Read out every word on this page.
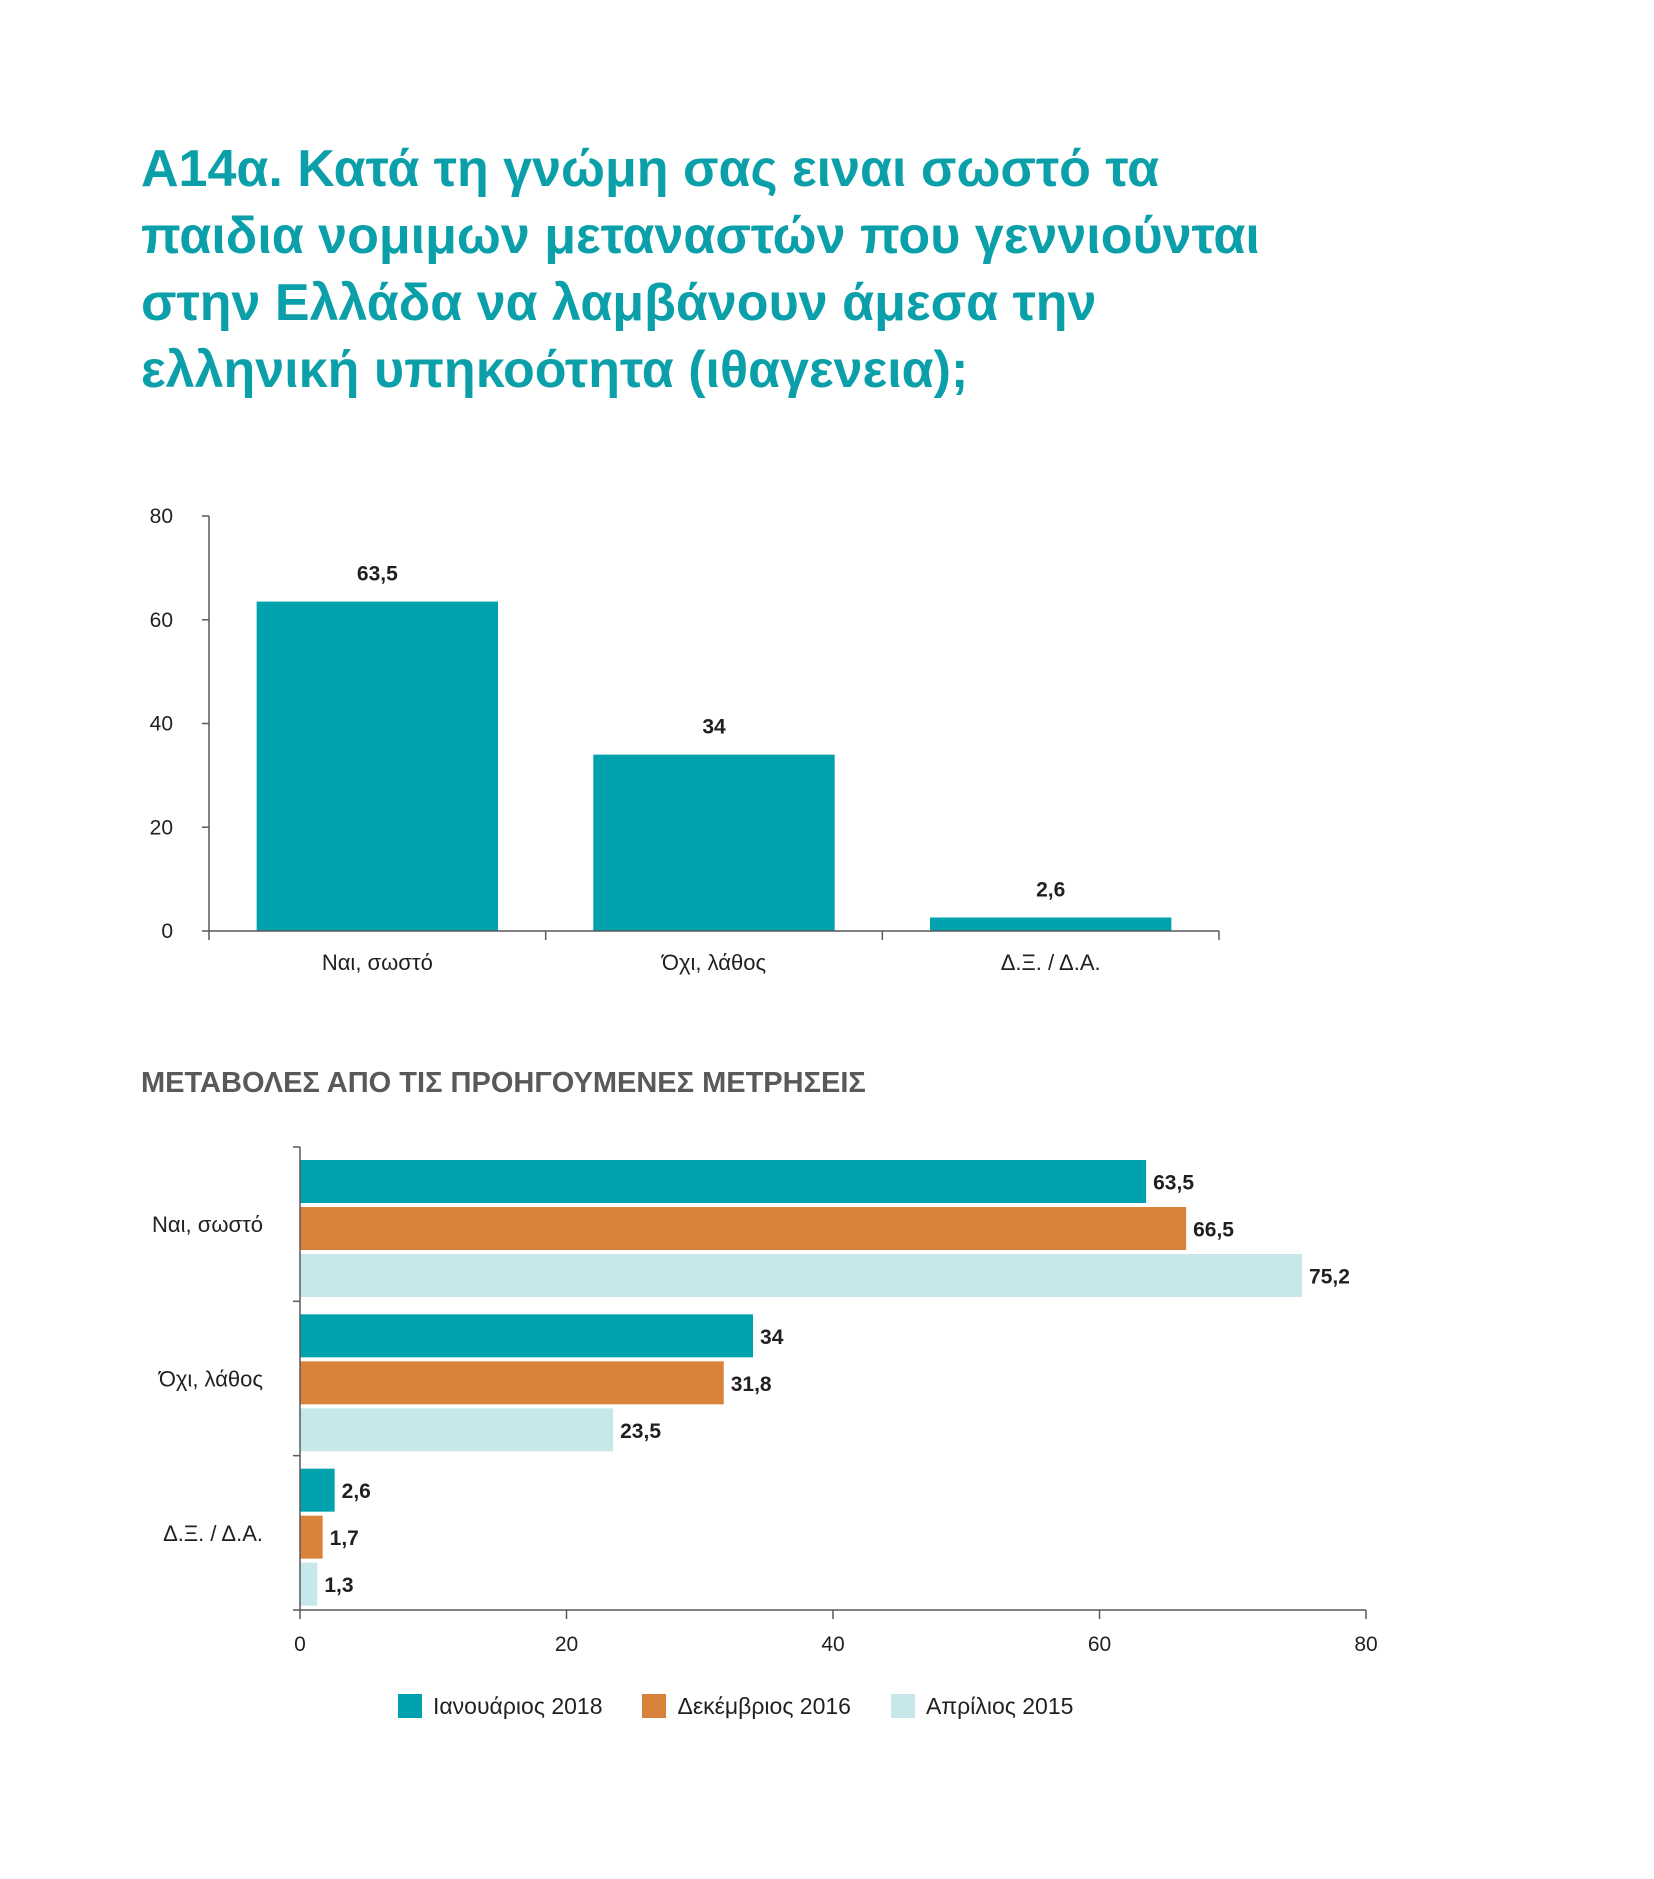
Α14α. Κατά τη γνώμη σας ειναι σωστό τα
παιδια νομιμων μεταναστών που γεννιούνται
στην Ελλάδα να λαμβάνουν άμεσα την
ελληνική υπηκοότητα (ιθαγενεια);
63,5
Ναι, σωστό
34
Όχι, λάθος
2,6
Δ.Ξ. / Δ.Α.
0
20
40
60
80
ΜΕΤΑΒΟΛΕΣ ΑΠΟ ΤΙΣ ΠΡΟΗΓΟΥΜΕΝΕΣ ΜΕΤΡΗΣΕΙΣ
63,5
66,5
75,2
Ναι, σωστό
34
31,8
23,5
Όχι, λάθος
2,6
1,7
1,3
Δ.Ξ. / Δ.Α.
0	20	40	60	80
Ιανουάριος 2018	Δεκέμβριος 2016	Απρίλιος 2015
